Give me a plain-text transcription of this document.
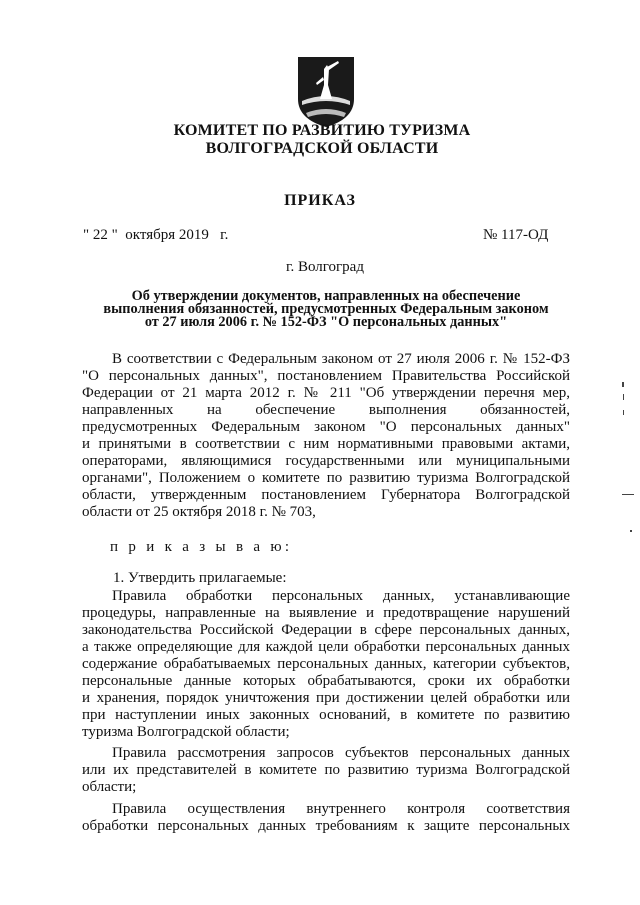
КОМИТЕТ ПО РАЗВИТИЮ ТУРИЗМА
ВОЛГОГРАДСКОЙ ОБЛАСТИ
ПРИКАЗ
" 22 "  октября 2019   г.	№ 117-ОД
г. Волгоград
Об утверждении документов, направленных на обеспечение
выполнения обязанностей, предусмотренных Федеральным законом
от 27 июля 2006 г. № 152-ФЗ "О персональных данных"
В соответствии с Федеральным законом от 27 июля 2006 г. № 152-ФЗ
"О персональных данных", постановлением Правительства Российской
Федерации от 21 марта 2012 г. № 211 "Об утверждении перечня мер,
направленных на обеспечение выполнения обязанностей,
предусмотренных Федеральным законом "О персональных данных"
и принятыми в соответствии с ним нормативными правовыми актами,
операторами, являющимися государственными или муниципальными
органами", Положением о комитете по развитию туризма Волгоградской
области, утвержденным постановлением Губернатора Волгоградской
области от 25 октября 2018 г. № 703,
п р и к а з ы в а ю:
1. Утвердить прилагаемые:
Правила обработки персональных данных, устанавливающие
процедуры, направленные на выявление и предотвращение нарушений
законодательства Российской Федерации в сфере персональных данных,
а также определяющие для каждой цели обработки персональных данных
содержание обрабатываемых персональных данных, категории субъектов,
персональные данные которых обрабатываются, сроки их обработки
и хранения, порядок уничтожения при достижении целей обработки или
при наступлении иных законных оснований, в комитете по развитию
туризма Волгоградской области;
Правила рассмотрения запросов субъектов персональных данных
или их представителей в комитете по развитию туризма Волгоградской
области;
Правила осуществления внутреннего контроля соответствия
обработки персональных данных требованиям к защите персональных
